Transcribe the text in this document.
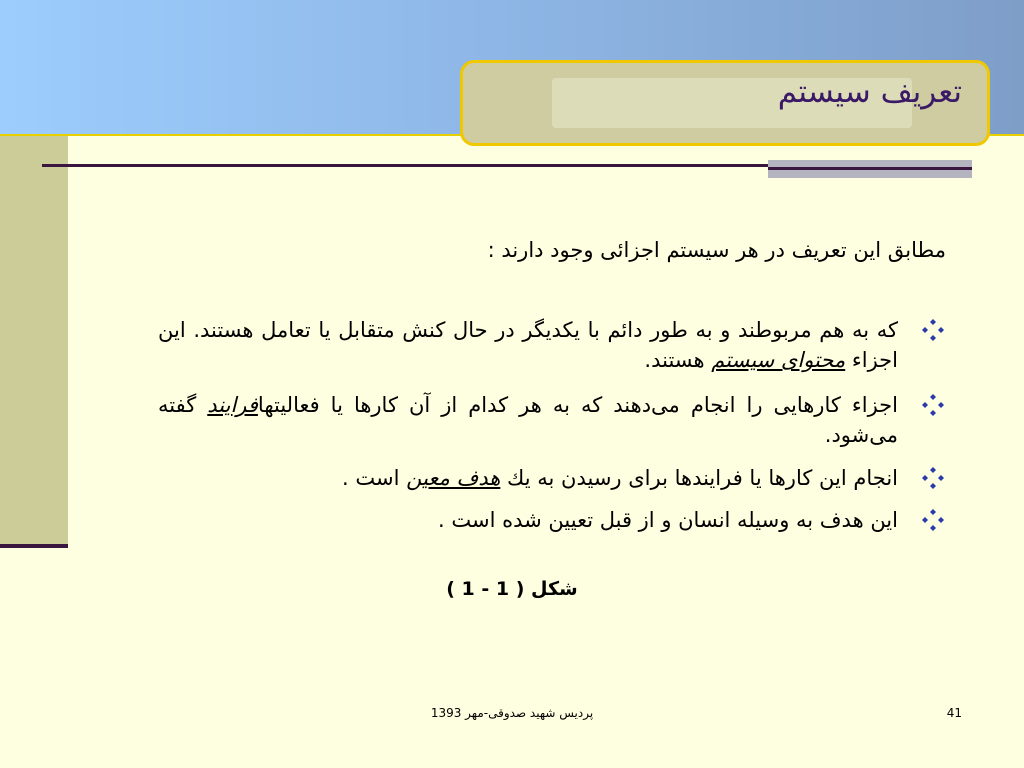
تعریف سیستم
مطابق این تعریف در هر سیستم اجزائی وجود دارند :
که به هم مربوطند و به طور دائم با یکدیگر در حال کنش متقابل یا تعامل هستند. این اجزاء محتوای سیستم هستند.
اجزاء کارهایی را انجام می‌دهند که به هر کدام از آن کارها یا فعالیتهافرایند گفته می‌شود.
انجام این کارها یا فرایندها برای رسیدن به يك هدف معین است .
این هدف به وسیله انسان و از قبل تعیین شده است .
شکل ( 1 - 1 )
پردیس شهید صدوقی-مهر 1393	41
